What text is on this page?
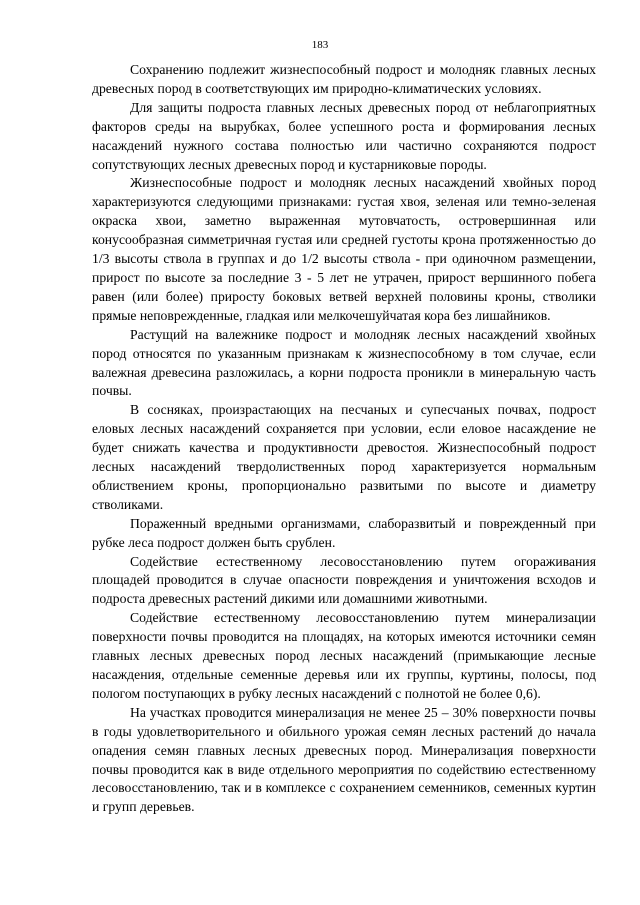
183

Сохранению подлежит жизнеспособный подрост и молодняк главных лесных древесных пород в соответствующих им природно-климатических условиях.

Для защиты подроста главных лесных древесных пород от неблагоприятных факторов среды на вырубках, более успешного роста и формирования лесных насаждений нужного состава полностью или частично сохраняются подрост сопутствующих лесных древесных пород и кустарниковые породы.

Жизнеспособные подрост и молодняк лесных насаждений хвойных пород характеризуются следующими признаками: густая хвоя, зеленая или темно-зеленая окраска хвои, заметно выраженная мутовчатость, островершинная или конусообразная симметричная густая или средней густоты крона протяженностью до 1/3 высоты ствола в группах и до 1/2 высоты ствола - при одиночном размещении, прирост по высоте за последние 3 - 5 лет не утрачен, прирост вершинного побега равен (или более) приросту боковых ветвей верхней половины кроны, стволики прямые неповрежденные, гладкая или мелкочешуйчатая кора без лишайников.

Растущий на валежнике подрост и молодняк лесных насаждений хвойных пород относятся по указанным признакам к жизнеспособному в том случае, если валежная древесина разложилась, а корни подроста проникли в минеральную часть почвы.

В сосняках, произрастающих на песчаных и супесчаных почвах, подрост еловых лесных насаждений сохраняется при условии, если еловое насаждение не будет снижать качества и продуктивности древостоя. Жизнеспособный подрост лесных насаждений твердолиственных пород характеризуется нормальным облиствением кроны, пропорционально развитыми по высоте и диаметру стволиками.

Пораженный вредными организмами, слаборазвитый и поврежденный при рубке леса подрост должен быть срублен.

Содействие естественному лесовосстановлению путем огораживания площадей проводится в случае опасности повреждения и уничтожения всходов и подроста древесных растений дикими или домашними животными.

Содействие естественному лесовосстановлению путем минерализации поверхности почвы проводится на площадях, на которых имеются источники семян главных лесных древесных пород лесных насаждений (примыкающие лесные насаждения, отдельные семенные деревья или их группы, куртины, полосы, под пологом поступающих в рубку лесных насаждений с полнотой не более 0,6).

На участках проводится минерализация не менее 25 – 30% поверхности почвы в годы удовлетворительного и обильного урожая семян лесных растений до начала опадения семян главных лесных древесных пород. Минерализация поверхности почвы проводится как в виде отдельного мероприятия по содействию естественному лесовосстановлению, так и в комплексе с сохранением семенников, семенных куртин и групп деревьев.
